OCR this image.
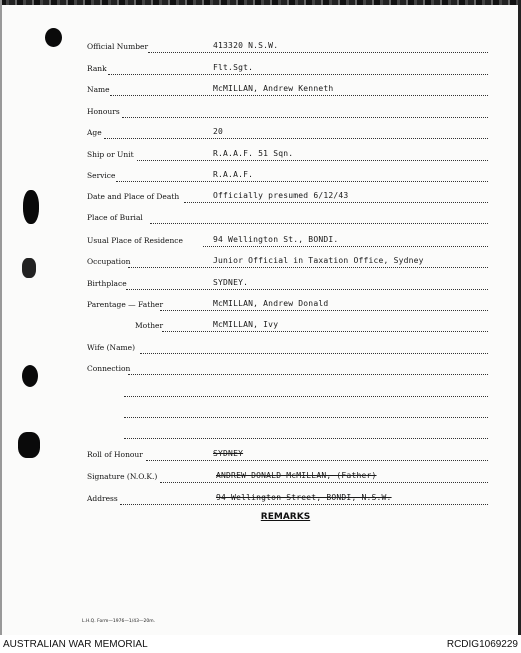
Official Number	413320 N.S.W.
Rank	Flt.Sgt.
Name	McMILLAN, Andrew Kenneth
Honours
Age	20
Ship or Unit	R.A.A.F. 51 Sqn.
Service	R.A.A.F.
Date and Place of Death	Officially presumed 6/12/43
Place of Burial
Usual Place of Residence	94 Wellington St., BONDI.
Occupation	Junior Official in Taxation Office, Sydney
Birthplace	SYDNEY.
Parentage — Father	McMILLAN, Andrew Donald
Mother	McMILLAN, Ivy
Wife (Name)
Connection
Roll of Honour	SYDNEY
Signature (N.O.K.)	ANDREW DONALD McMILLAN, (Father)
Address	94 Wellington Street, BONDI, N.S.W.
REMARKS
L.H.Q. Form—1976—1/43—20m.
AUSTRALIAN WAR MEMORIAL	RCDIG1069229
